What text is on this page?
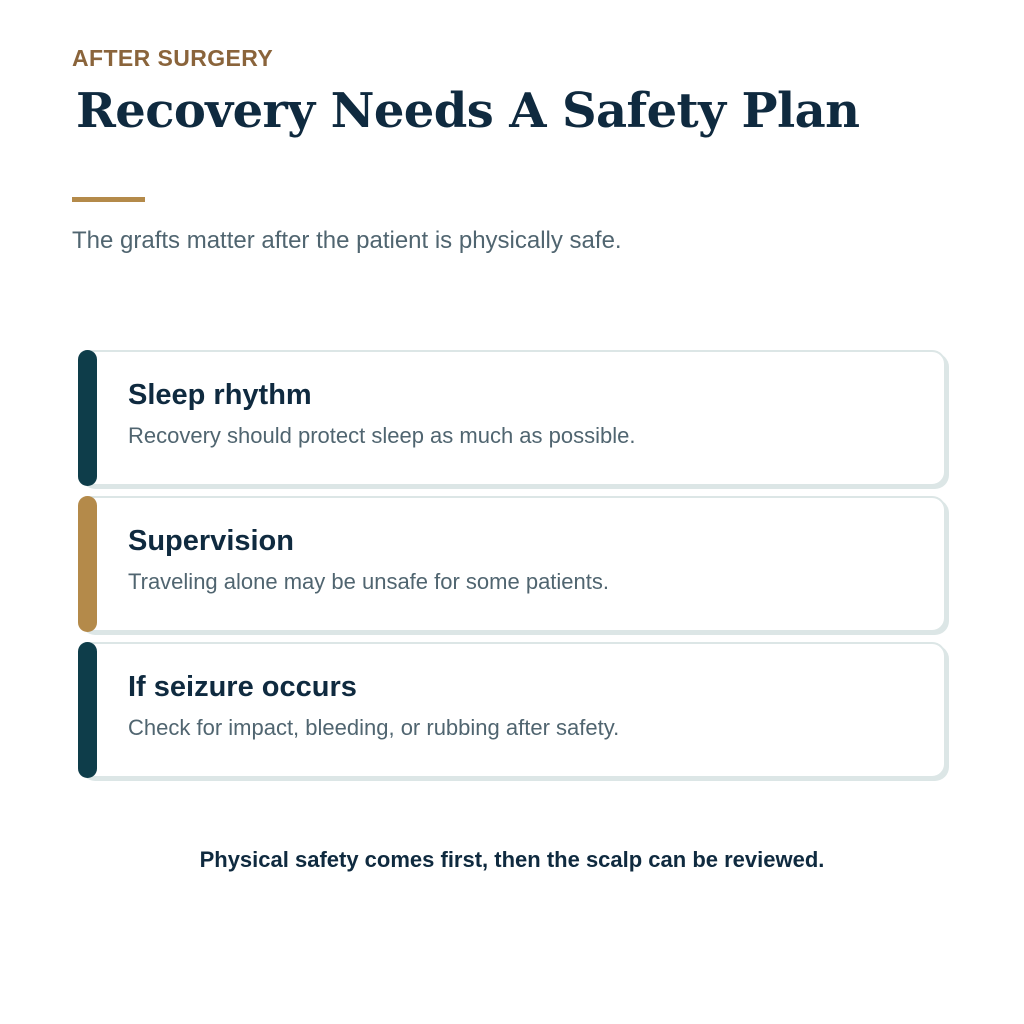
AFTER SURGERY
Recovery Needs A Safety Plan
The grafts matter after the patient is physically safe.
Sleep rhythm
Recovery should protect sleep as much as possible.
Supervision
Traveling alone may be unsafe for some patients.
If seizure occurs
Check for impact, bleeding, or rubbing after safety.
Physical safety comes first, then the scalp can be reviewed.
